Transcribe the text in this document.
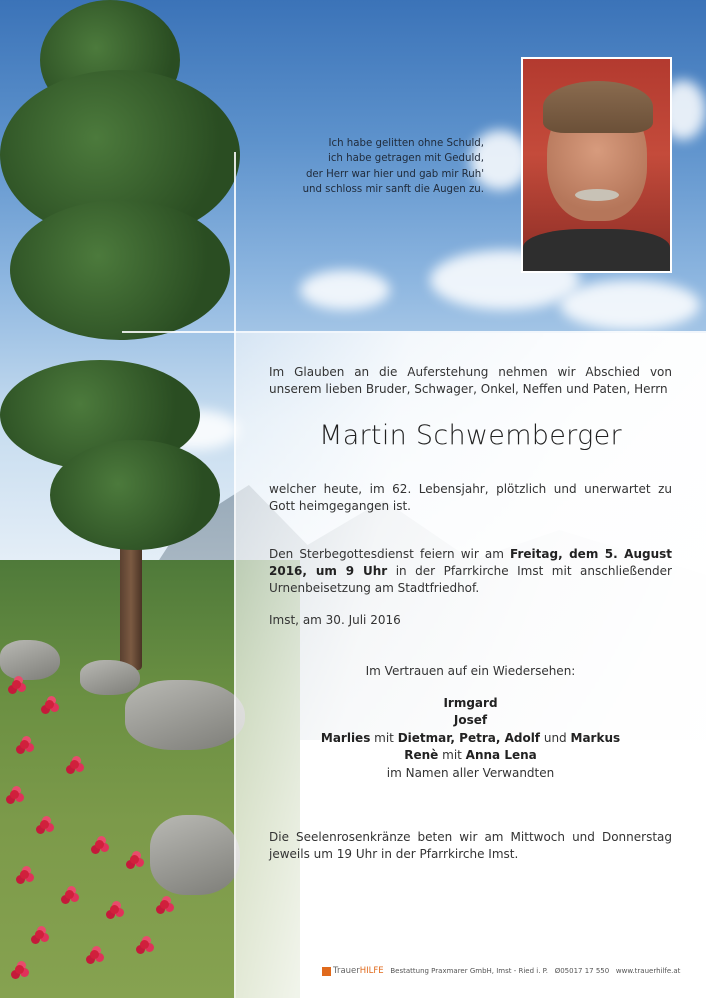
Ich habe gelitten ohne Schuld,
ich habe getragen mit Geduld,
der Herr war hier und gab mir Ruh'
und schloss mir sanft die Augen zu.
Im Glauben an die Auferstehung nehmen wir Abschied von unserem lieben Bruder, Schwager, Onkel, Neffen und Paten, Herrn
Martin Schwemberger
welcher heute, im 62. Lebensjahr, plötzlich und unerwartet zu Gott heimgegangen ist.
Den Sterbegottesdienst feiern wir am Freitag, dem 5. August 2016, um 9 Uhr in der Pfarrkirche Imst mit anschließender Urnenbeisetzung am Stadtfriedhof.
Imst, am 30. Juli 2016
Im Vertrauen auf ein Wiedersehen:
Irmgard
Josef
Marlies mit Dietmar, Petra, Adolf und Markus
Renè mit Anna Lena
im Namen aller Verwandten
Die Seelenrosenkränze beten wir am Mittwoch und Donnerstag jeweils um 19 Uhr in der Pfarrkirche Imst.
TrauerHILFE Bestattung Praxmarer GmbH, Imst - Ried i. P. Ø05017 17 550 www.trauerhilfe.at
